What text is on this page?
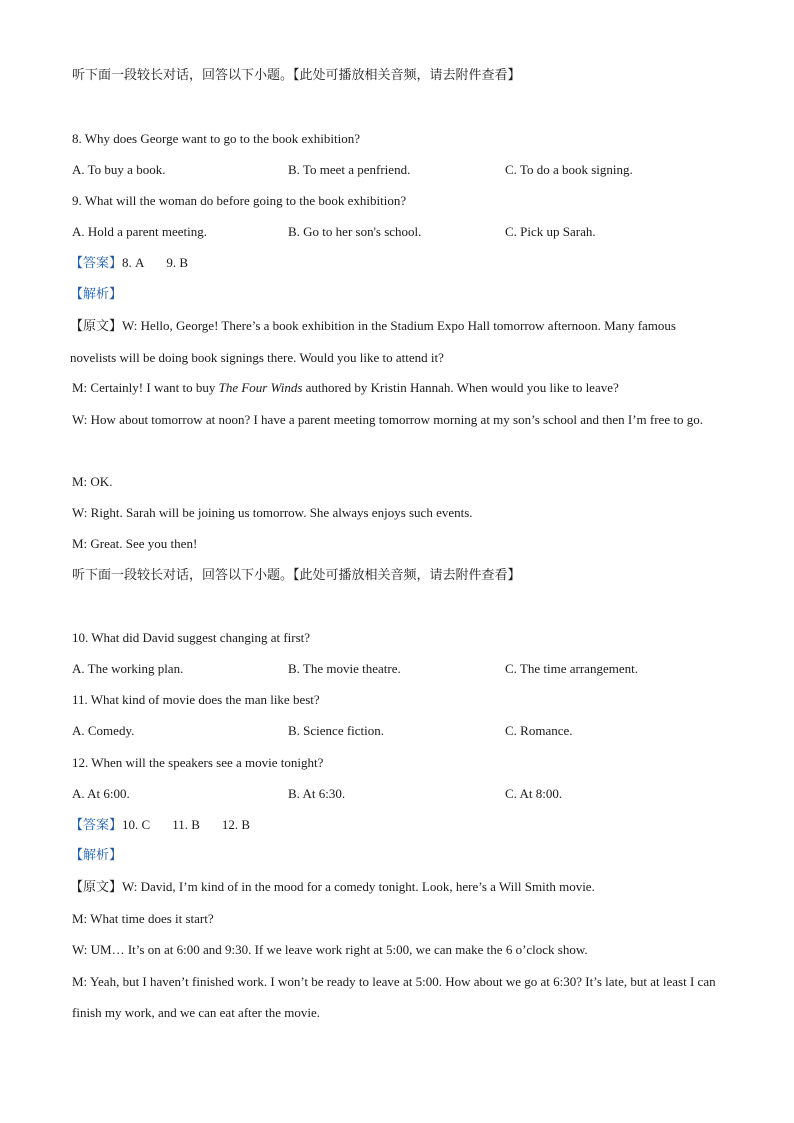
听下面一段较长对话，回答以下小题。【此处可播放相关音频，请去附件查看】
8. Why does George want to go to the book exhibition?
A. To buy a book.	B. To meet a penfriend.	C. To do a book signing.
9. What will the woman do before going to the book exhibition?
A. Hold a parent meeting.	B. Go to her son's school.	C. Pick up Sarah.
【答案】8. A 9. B
【解析】
【原文】W: Hello, George! There’s a book exhibition in the Stadium Expo Hall tomorrow afternoon. Many famous novelists will be doing book signings there. Would you like to attend it?
M: Certainly! I want to buy The Four Winds authored by Kristin Hannah. When would you like to leave?
W: How about tomorrow at noon? I have a parent meeting tomorrow morning at my son’s school and then I’m free to go.
M: OK.
W: Right. Sarah will be joining us tomorrow. She always enjoys such events.
M: Great. See you then!
听下面一段较长对话，回答以下小题。【此处可播放相关音频，请去附件查看】
10. What did David suggest changing at first?
A. The working plan.	B. The movie theatre.	C. The time arrangement.
11. What kind of movie does the man like best?
A. Comedy.	B. Science fiction.	C. Romance.
12. When will the speakers see a movie tonight?
A. At 6:00.	B. At 6:30.	C. At 8:00.
【答案】10. C 11. B 12. B
【解析】
【原文】W: David, I’m kind of in the mood for a comedy tonight. Look, here’s a Will Smith movie.
M: What time does it start?
W: UM… It’s on at 6:00 and 9:30. If we leave work right at 5:00, we can make the 6 o’clock show.
M: Yeah, but I haven’t finished work. I won’t be ready to leave at 5:00. How about we go at 6:30? It’s late, but at least I can finish my work, and we can eat after the movie.
